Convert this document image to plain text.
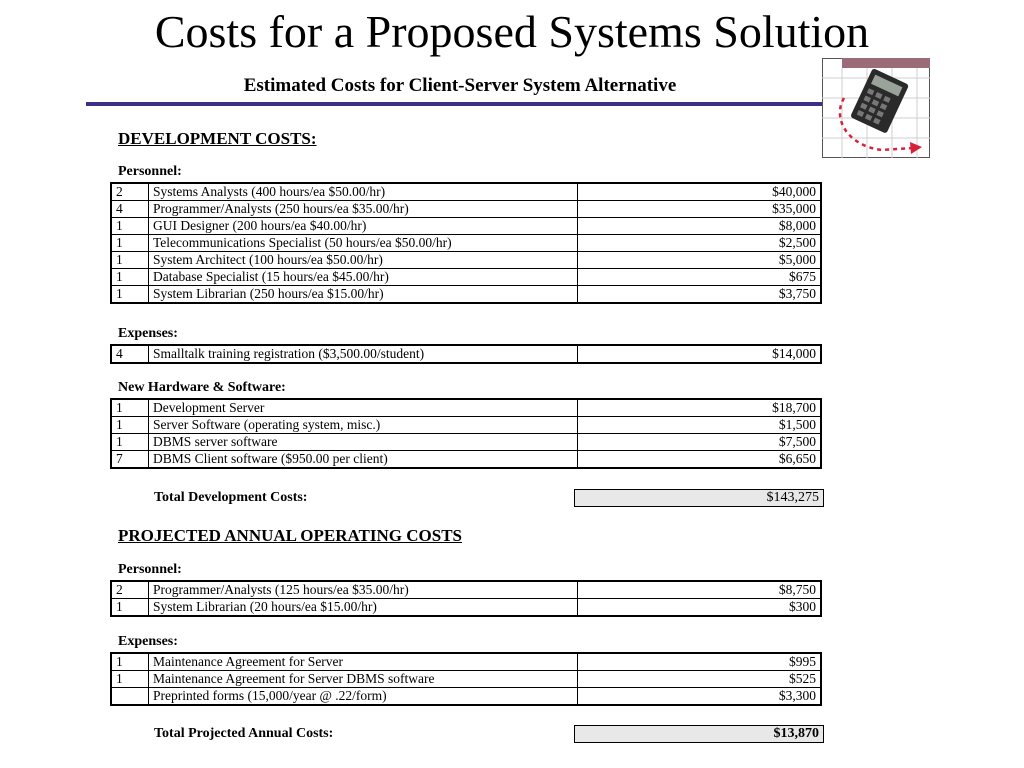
Costs for a Proposed Systems Solution
Estimated Costs for Client-Server System Alternative
DEVELOPMENT COSTS:
Personnel:
2	Systems Analysts (400 hours/ea $50.00/hr)	$40,000
4	Programmer/Analysts (250 hours/ea $35.00/hr)	$35,000
1	GUI Designer (200 hours/ea $40.00/hr)	$8,000
1	Telecommunications Specialist (50 hours/ea $50.00/hr)	$2,500
1	System Architect (100 hours/ea $50.00/hr)	$5,000
1	Database Specialist (15 hours/ea $45.00/hr)	$675
1	System Librarian (250 hours/ea $15.00/hr)	$3,750
Expenses:
4	Smalltalk training registration ($3,500.00/student)	$14,000
New Hardware & Software:
1	Development Server	$18,700
1	Server Software (operating system, misc.)	$1,500
1	DBMS server software	$7,500
7	DBMS Client software ($950.00 per client)	$6,650
Total Development Costs:	$143,275
PROJECTED ANNUAL OPERATING COSTS
Personnel:
2	Programmer/Analysts (125 hours/ea $35.00/hr)	$8,750
1	System Librarian (20 hours/ea $15.00/hr)	$300
Expenses:
1	Maintenance Agreement for Server	$995
1	Maintenance Agreement for Server DBMS software	$525
	Preprinted forms (15,000/year @ .22/form)	$3,300
Total Projected Annual Costs:	$13,870
